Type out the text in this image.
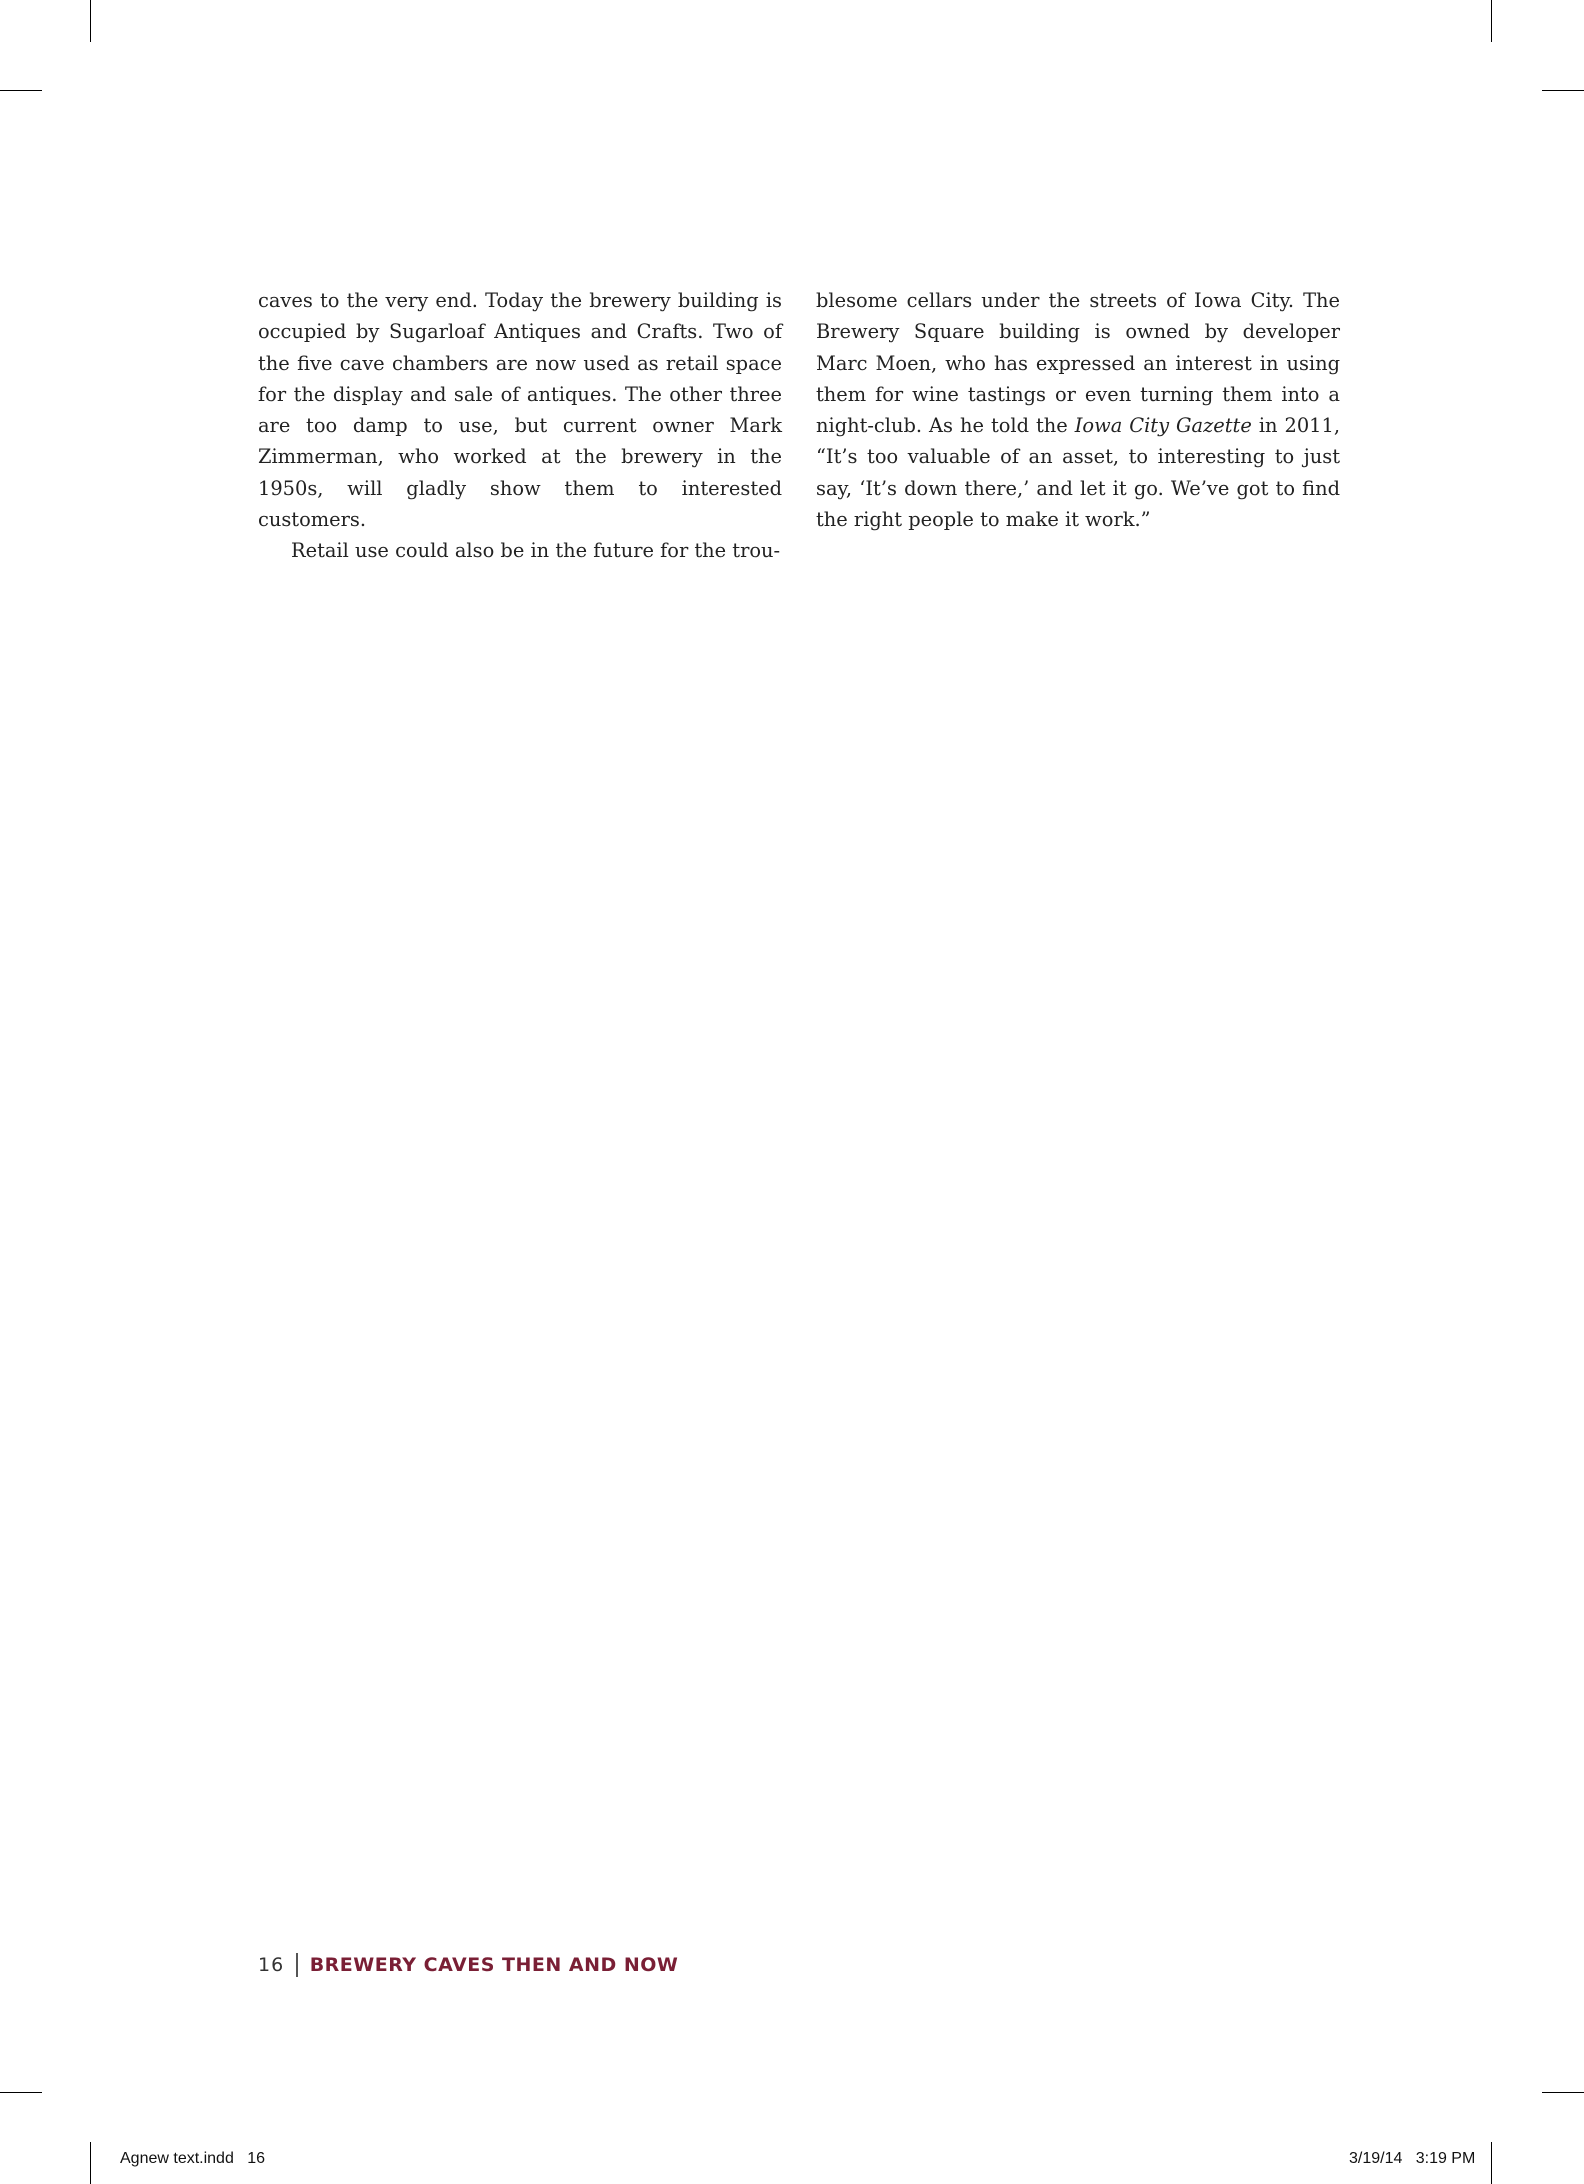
caves to the very end. Today the brewery building is occupied by Sugarloaf Antiques and Crafts. Two of the five cave chambers are now used as retail space for the display and sale of antiques. The other three are too damp to use, but current owner Mark Zimmerman, who worked at the brewery in the 1950s, will gladly show them to interested customers.

Retail use could also be in the future for the trou-

blesome cellars under the streets of Iowa City. The Brewery Square building is owned by developer Marc Moen, who has expressed an interest in using them for wine tastings or even turning them into a night-club. As he told the Iowa City Gazette in 2011, “It’s too valuable of an asset, to interesting to just say, ‘It’s down there,’ and let it go. We’ve got to find the right people to make it work.”

16 BREWERY CAVES THEN AND NOW
Agnew text.indd   16	3/19/14   3:19 PM
